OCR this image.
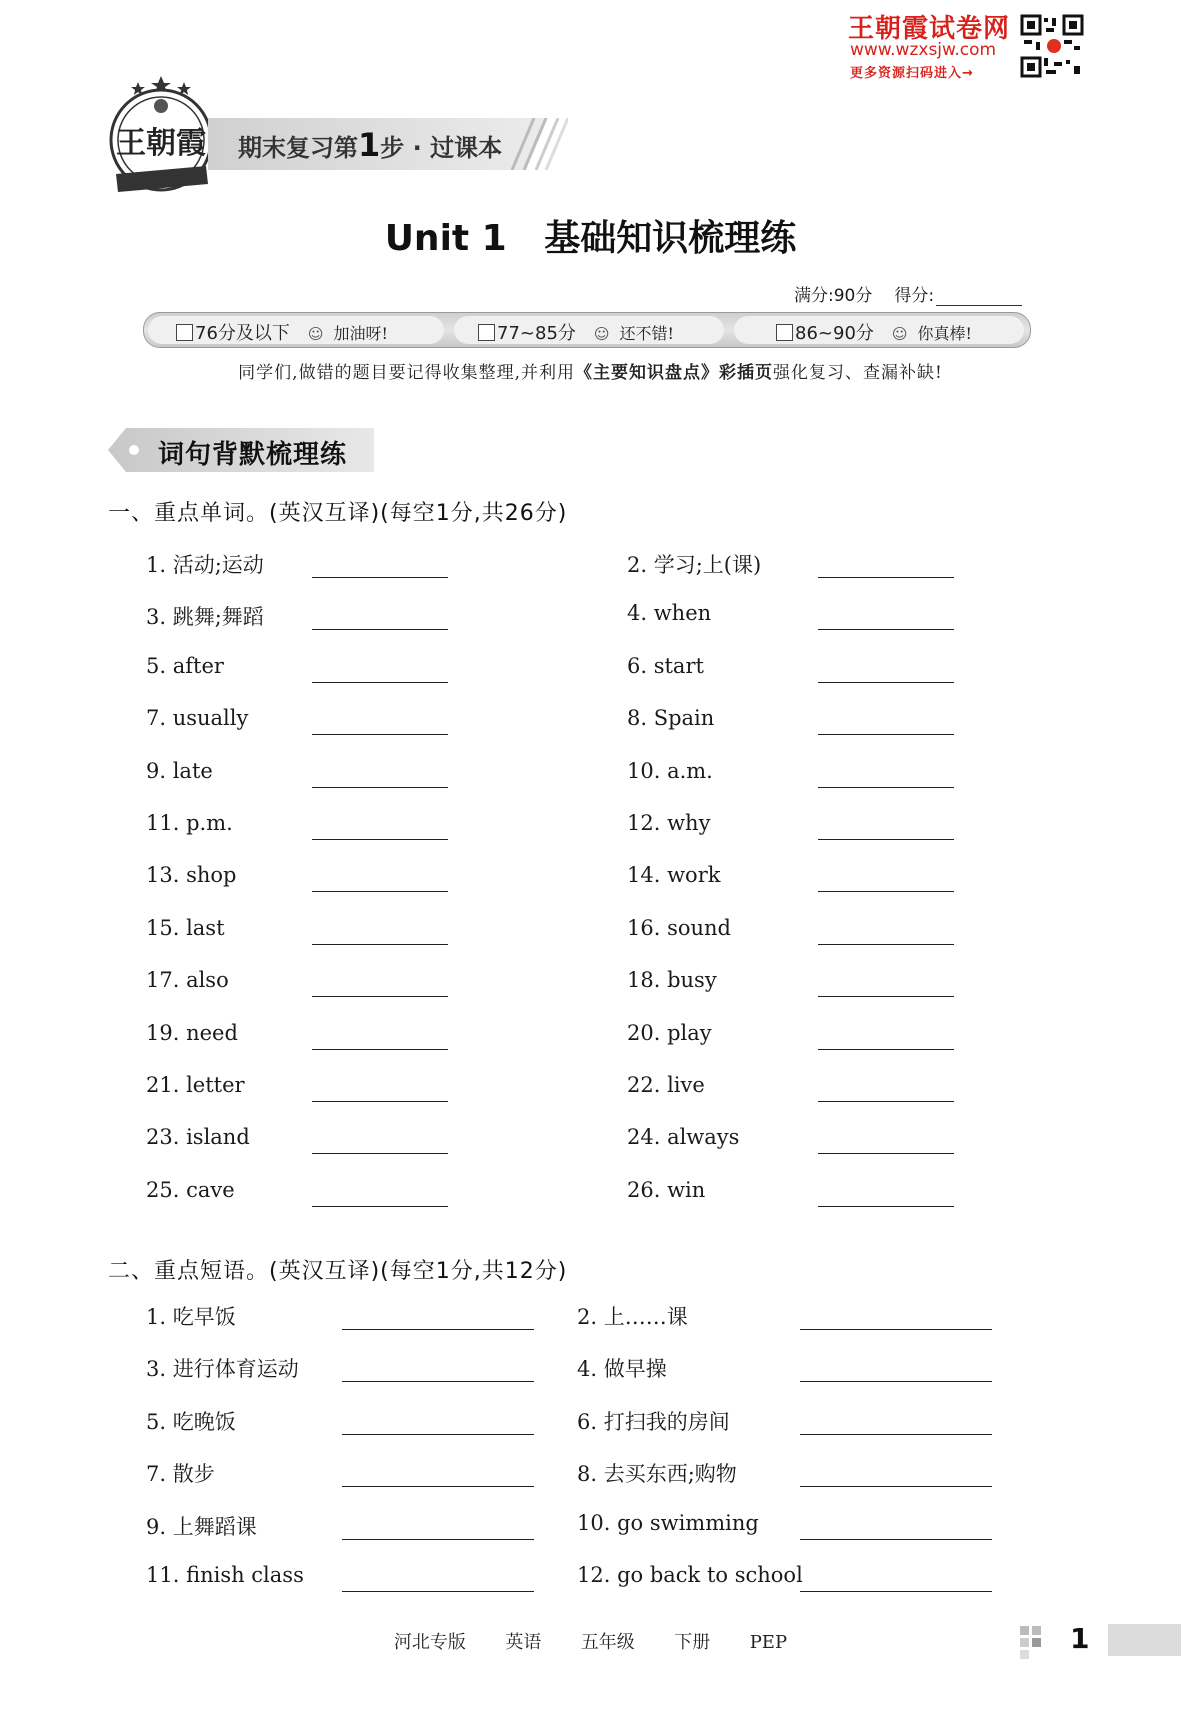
王朝霞试卷网
www.wzxsjw.com
更多资源扫码进入→
王朝霞	期末复习第1步 · 过课本
Unit 1   基础知识梳理练
满分:90分 得分:
76分及以下 ☺ 加油呀!	77~85分 ☺ 还不错!	86~90分 ☺ 你真棒!
同学们,做错的题目要记得收集整理,并利用《主要知识盘点》彩插页强化复习、查漏补缺!
词句背默梳理练
一、重点单词。(英汉互译)(每空1分,共26分)
1. 活动;运动	2. 学习;上(课)
3. 跳舞;舞蹈	4. when
5. after	6. start
7. usually	8. Spain
9. late	10. a.m.
11. p.m.	12. why
13. shop	14. work
15. last	16. sound
17. also	18. busy
19. need	20. play
21. letter	22. live
23. island	24. always
25. cave	26. win
二、重点短语。(英汉互译)(每空1分,共12分)
1. 吃早饭	2. 上……课
3. 进行体育运动	4. 做早操
5. 吃晚饭	6. 打扫我的房间
7. 散步	8. 去买东西;购物
9. 上舞蹈课	10. go swimming
11. finish class	12. go back to school
河北专版  英语  五年级  下册  PEP	1
